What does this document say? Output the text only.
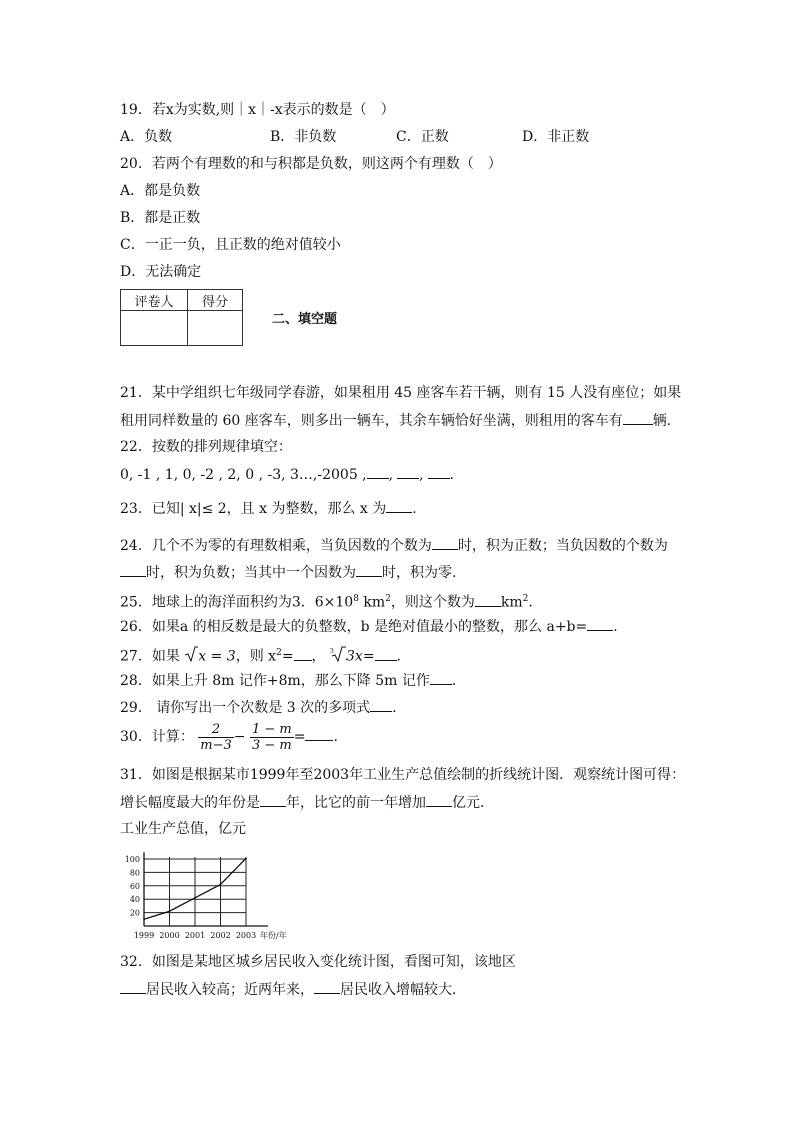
19．若x为实数,则｜x｜-x表示的数是（　）
A．负数	B．非负数	C．正数	D．非正数
20．若两个有理数的和与积都是负数，则这两个有理数（　）
A．都是负数
B．都是正数
C．一正一负，且正数的绝对值较小
D．无法确定
评卷人	得分

二、填空题
21．某中学组织七年级同学春游，如果租用 45 座客车若干辆，则有 15 人没有座位；如果
租用同样数量的 60 座客车，则多出一辆车，其余车辆恰好坐满，则租用的客车有 辆.
22．按数的排列规律填空：
0, -1 , 1, 0, -2 , 2, 0 , -3, 3…,-2005 , , , .
23．已知| x|≤ 2，且 x 为整数，那么 x 为 .
24．几个不为零的有理数相乘，当负因数的个数为 时，积为正数；当负因数的个数为
时，积为负数；当其中一个因数为 时，积为零.
25．地球上的海洋面积约为3．$6\times 10^8$ $km^2$，则这个数为 $km^2$.
26．如果a 的相反数是最大的负整数，b 是绝对值最小的整数，那么 a+b= .
27．如果 x = 3，则 $x^2=$ ， 3 3x= .
28．如果上升 8m 记作+8m，那么下降 5m 记作 .
29． 请你写出一个次数是 3 次的多项式 .
30．计算： $\frac{2}{m-3} - \frac{1 - m}{3 - m}$ = .
31．如图是根据某市1999年至2003年工业生产总值绘制的折线统计图．观察统计图可得：
增长幅度最大的年份是 年，比它的前一年增加 亿元．
工业生产总值，亿元
20
40
60
80
100
1999 2000 2001 2002 2003 年份/年
32．如图是某地区城乡居民收入变化统计图，看图可知，该地区
居民收入较高；近两年来， 居民收入增幅较大．
